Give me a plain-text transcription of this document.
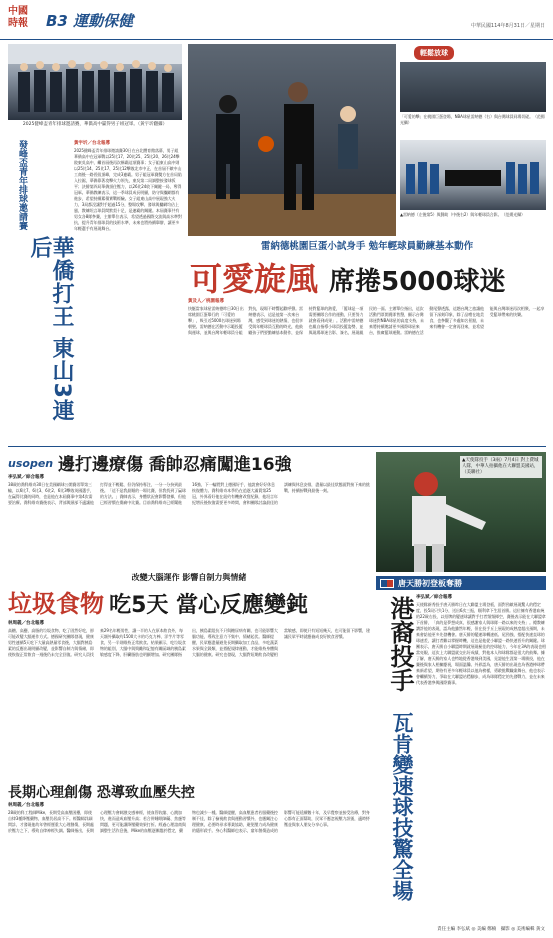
中國
時報	B3 運動保健	中華民國114年8月31日／星期日
2025健峰盃青年排球邀請賽，華僑高中贏得男子組冠軍。（黃宇圻翻攝）
發峰盃青年排球邀請賽
華僑打王 東山3連后
黃宇圻／台北報導
2025健峰盃青年排球邀請賽30日在台北體育館落幕，男子組華僑高中在冠軍戰以25比17、20比25、25比20、26比24擊敗東吳高中，繼首屆後再次稱霸這項賽事；女子組東山高中則以25比14、25比17、25比12擊敗北市中正，在首屆不敵中山工商後一路晉級頂峰，完成3連霸。男子組冠軍賽雙方在首局陷入拉鋸，華僑靠著攻擊火力領先，東吳第二局調整接發球扳平；決勝第四局華僑頂住壓力，以26比24收下關鍵一局，奪得冠軍。華僑教練表示，這一季球員成長明顯，防守與攔網都有進步，希望持續累積實戰經驗。女子組東山高中展現強大火力，3局都沒讓對手超過15分，整場攻擊、發球與攔網均佔上風，教練坦言球員間默契十足，是連霸的關鍵。本屆賽事共有男女各8隊參賽，主辦單位表示，希望透過國際交流與高水準對抗，提升青年排球員的技術水準，未來也將持續舉辦，讓更多年輕選手有展現舞台。
輕鬆放球
「可愛的擊」在桃園巨蛋登場，NBA球星雷納德（右）與台灣球員同場切磋。（范揚光攝）
▲雷納德（左後第5）與贊助（中後右2）與年輕球員合影。（范揚光攝）
雷納德桃園巨蛋小試身手 勉年輕球員勤練基本動作
可愛旋風 席捲5000球迷
黃及人／桃園報導
快艇當家球星雷納德昨日30日出席桃園巨蛋舉行的「可愛的擊」，吸引近5000名球迷到場朝聖。雷納德在活動中示範投籃與運球，並與台灣年輕球員分組對抗，現場不時響起歡呼聲。雷納德表示，這是他第一次來台灣，感受到球迷的熱情，也很享受與年輕球員互動的時光，他鼓勵孩子們要勤練基本動作，並保持對籃球的熱愛，「籃球是一項需要團隊合作的運動，只要努力就會看到成果」。活動中雷納德也親自指導小球員投籃姿勢，並與現場球迷合影、簽名，展現親民的一面。主辦單位指出，這次活動門票開賣即售罄，顯示台灣球迷對NBA球星的高度支持，未來將持續邀請更多國際球星來台，推廣籃球運動。雷納德在活動尾聲透露，這趟台灣之旅讓他留下深刻印象，除了品嚐在地美食，也參觀了多處知名景點，未來有機會一定會再回來，並希望能與台灣球迷再次相聚，一起享受籃球帶來的快樂。
usopen 邊打邊療傷 喬帥忍痛闖進16強
李弘斌／綜合報導
38歲的喬科維奇30日在美國網球公開賽男單第三輪，以6比7、6比3、6比2、6比3擊敗英國選手，在贏得比賽的同時，也是他在本屆賽事中第4次需要治療。喬科維奇賽後表示，背部與頸部不適讓他打得並不輕鬆，但仍保持專注，一分一分拚到最後。「這不是我最順的一場比賽，但我找到了贏球的方法。」喬帥表示，身體狀況會影響發揮，但他已經習慣在傷痛中比賽。目前喬科維奇已經闖進16強，下一輪將對上德國好手，他說會好好休息恢復體力。喬科維奇本季仍在追逐大滿貫第25冠，外界看好他在紐約有機會改寫紀錄，他坦言年紀增長後恢復需要更多時間，會和團隊討論最佳的訓練與休息安排，盡量以最佳狀態面對接下來的挑戰，持續拚戰到最後一刻。
改變大腦運作 影響自制力與情緒
垃圾食物 吃5天 當心反應變鈍
林周義／台北報導
高糖、高鹽、高脂的垃圾食物，吃了固然好吃，卻可能改變大腦運作方式。德國研究團隊發現，健康男性連續5天吃下大量高熱量零食後，大腦對胰島素的反應出現明顯改變，並影響自制力與情緒，即使恢復正常飲食一週後仍未完全回復。研究人員找來29名年輕男性，讓一半的人在原本飲食外，每天額外攝取約1500大卡的巧克力棒、洋芋片等零食，另一半則維持正常飲食。結果顯示，吃垃圾食物的組別，大腦中與獎勵和記憶有關區域的胰島素敏感度下降，肝臟脂肪也明顯增加。研究團隊指出，胰島素阻抗不只與糖尿病有關，也可能影響大腦功能，導致注意力不集中、情緒起伏。醫師提醒，民眾應盡量避免長期攝取加工食品，多吃蔬菜水果與全穀類，並搭配規律運動，才能維持身體與大腦的健康。研究也發現，大腦對短期飲食改變相當敏感，即使只有短短幾天，也可能留下影響，建議民眾平時就應養成良好飲食習慣。
長期心理創傷 恐導致血壓失控
林周義／台北報導
28歲的科工程師Mike，長期受高血壓困擾，即使自律3種降壓藥物，血壓仍居高不下。經醫師詳細問診，才發現他幼年曾經歷重大心理創傷，長期處於壓力之下，導致自律神經失調。醫師指出，長期心理壓力會刺激交感神經，使血管收縮、心跳加快，進而造成血壓升高；若合併睡眠障礙、焦慮等問題，更可能讓降壓藥效果打折。經過心理諮商與調整生活作息後，Mike的血壓逐漸趨於穩定，藥物也減少一種。醫師提醒，高血壓患者若服藥後控制不佳，除了檢視飲食與運動習慣外，也應關注心理健康，必要時尋求專業協助，避免壓力成為健康的隱形殺手。身心科醫師也表示，童年創傷造成的影響可能延續數十年，及早覺察並接受治療，對身心都有正面幫助，民眾不應忽視壓力訊號，適時紓壓並與家人朋友分享心事。
▲天使隊投手（3兩）7月4日 對上費城人隊，中華人拍攝他在大聯盟美國站，（美聯社）
唐天勝初登板奪勝
港裔投手
瓦肯變速球技驚全場
李弘斌／綜合報導
天使隊新秀投手唐天勝昨日在大聯盟主場登板，面對勁敵展現驚人的穩定度，投5局只失1分，送出6次三振，順利拿下生涯首勝。這位擁有香港血統的22歲右投，以招牌的變速球讓對手打者頻頻揮空，賽後表示能在大聯盟拿下首勝，「真的是夢想成真，很感謝家人與球隊一路以來的支持」。總教練讚許他的表現，認為他雖然年輕，但在投手丘上展現的成熟度超出預期，未來會給他更多先發機會。唐天勝的變速球轉速低、尾勁強，搭配快速直球的球速差，讓打者難以掌握時機，這也是他從小聯盟一路快速晉升的關鍵。球團表示，唐天勝自小聯盟時期就展現極佳的控球能力，今年在3A的表現也相當亮眼，這次上大聯盟就交出好成績，對他本人和球隊都是很大的鼓舞。據了解，唐天勝的家人也特地從香港飛到美國，見證他生涯第一場勝投，他在賽後與家人相擁慶祝，場面溫馨。外界認為，唐天勝的出現也為香港棒球帶來新希望，期待有更多年輕球員以他為榜樣，勇敢挑戰職業舞台，他也表示會繼續努力，爭取在大聯盟站穩腳步，成為球隊穩定的先發戰力，並在未來代表香港參與國際賽事。
責任主編 李弘斌 ◎ 美編 鄭楠　攝影 ◎ 美術編輯 黃文
